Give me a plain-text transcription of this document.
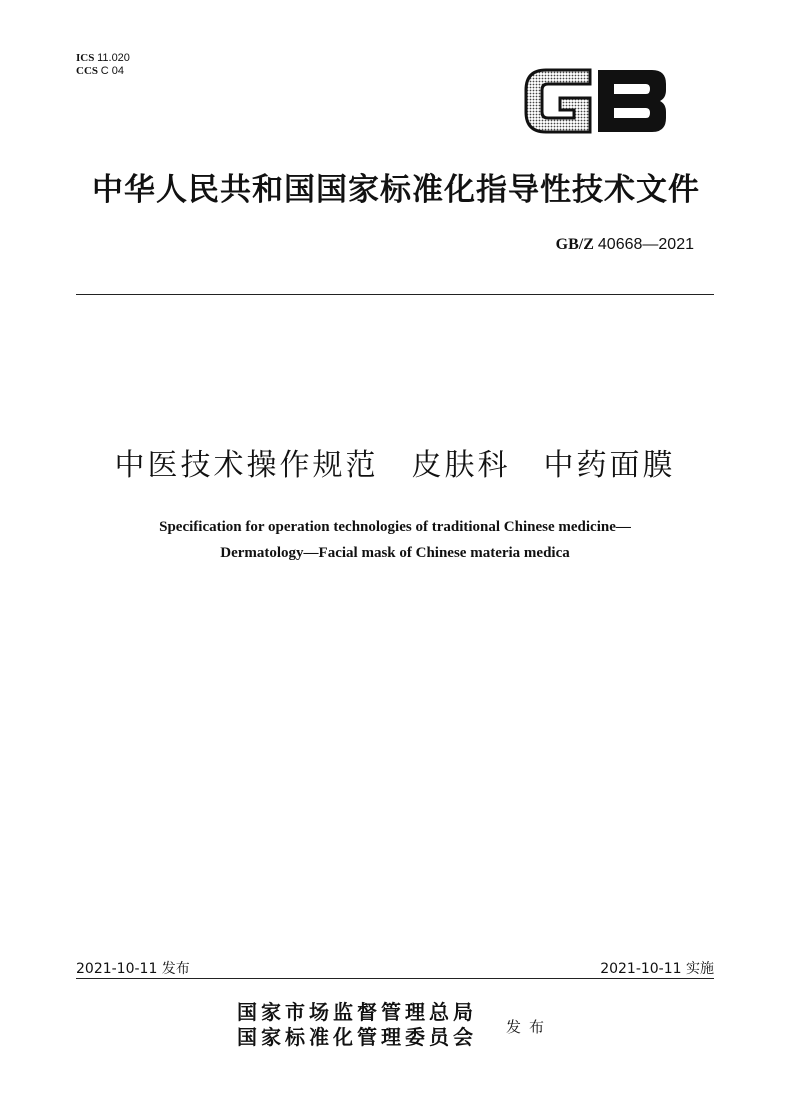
ICS 11.020
CCS C 04
中华人民共和国国家标准化指导性技术文件
GB/Z 40668—2021
中医技术操作规范　皮肤科　中药面膜
Specification for operation technologies of traditional Chinese medicine—
Dermatology—Facial mask of Chinese materia medica
2021-10-11 发布	2021-10-11 实施
国家市场监督管理总局
国家标准化管理委员会 发布
